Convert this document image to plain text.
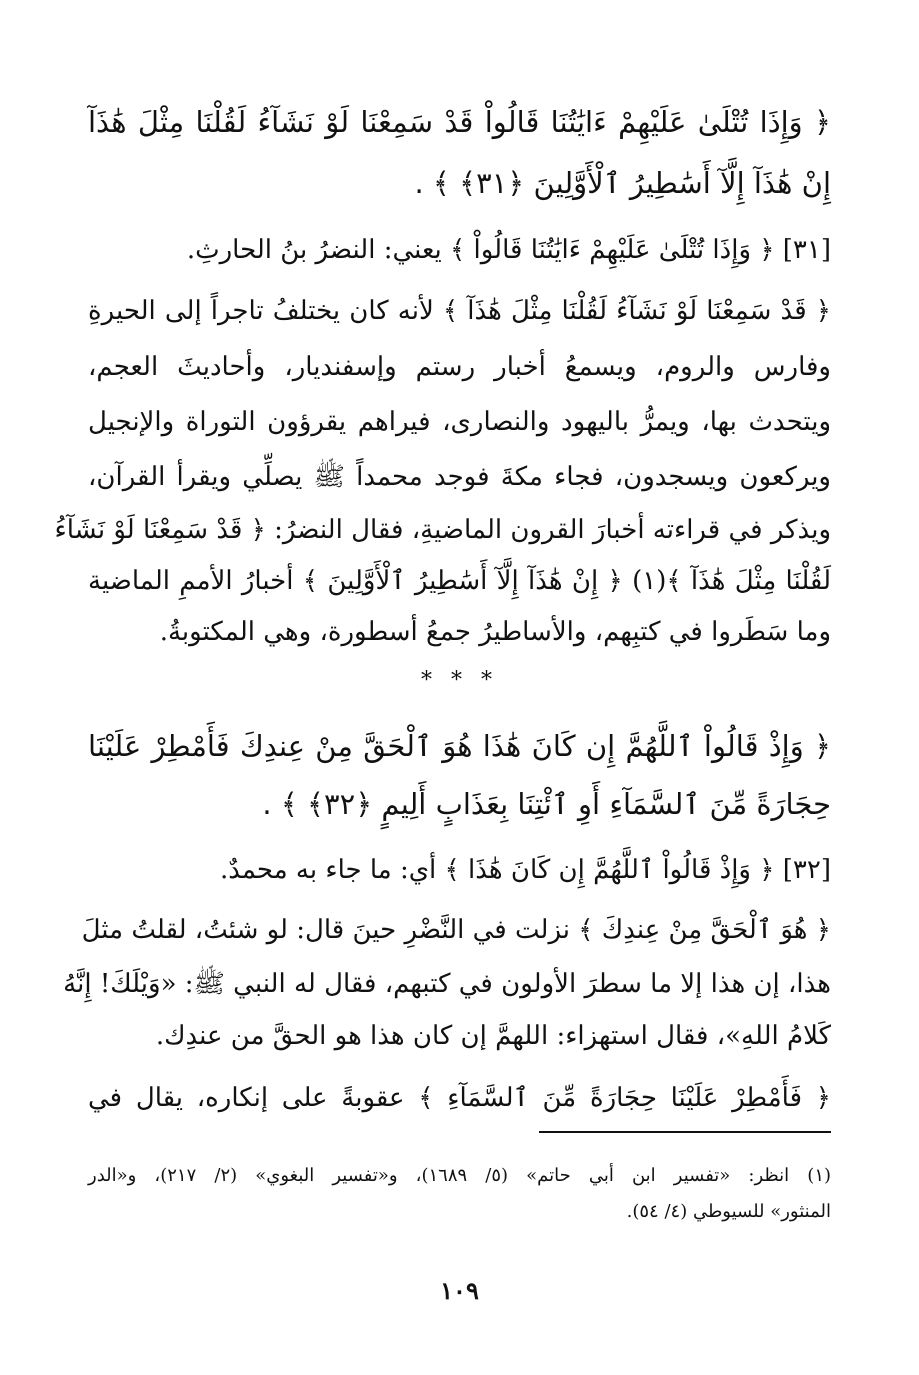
﴿ وَإِذَا تُتْلَىٰ عَلَيْهِمْ ءَايَٰتُنَا قَالُواْ قَدْ سَمِعْنَا لَوْ نَشَآءُ لَقُلْنَا مِثْلَ هَٰذَآ
إِنْ هَٰذَآ إِلَّآ أَسَٰطِيرُ ٱلْأَوَّلِينَ ﴿٣١﴾ ﴾ .
[٣١] ﴿ وَإِذَا تُتْلَىٰ عَلَيْهِمْ ءَايَٰتُنَا قَالُواْ ﴾ يعني: النضرُ بنُ الحارثِ.
﴿ قَدْ سَمِعْنَا لَوْ نَشَآءُ لَقُلْنَا مِثْلَ هَٰذَآ ﴾ لأنه كان يختلفُ تاجراً إلى الحيرةِ
وفارس والروم، ويسمعُ أخبار رستم وإسفنديار، وأحاديثَ العجم،
ويتحدث بها، ويمرُّ باليهود والنصارى، فيراهم يقرؤون التوراة والإنجيل
ويركعون ويسجدون، فجاء مكةَ فوجد محمداً ﷺ يصلِّي ويقرأ القرآن،
ويذكر في قراءته أخبارَ القرون الماضيةِ، فقال النضرُ: ﴿ قَدْ سَمِعْنَا لَوْ نَشَآءُ
لَقُلْنَا مِثْلَ هَٰذَآ ﴾(١) ﴿ إِنْ هَٰذَآ إِلَّآ أَسَٰطِيرُ ٱلْأَوَّلِينَ ﴾ أخبارُ الأممِ الماضية
وما سَطَروا في كتبِهم، والأساطيرُ جمعُ أسطورة، وهي المكتوبةُ.
* * *
﴿ وَإِذْ قَالُواْ ٱللَّهُمَّ إِن كَانَ هَٰذَا هُوَ ٱلْحَقَّ مِنْ عِندِكَ فَأَمْطِرْ عَلَيْنَا
حِجَارَةً مِّنَ ٱلسَّمَآءِ أَوِ ٱئْتِنَا بِعَذَابٍ أَلِيمٍ ﴿٣٢﴾ ﴾ .
[٣٢] ﴿ وَإِذْ قَالُواْ ٱللَّهُمَّ إِن كَانَ هَٰذَا ﴾ أي: ما جاء به محمدٌ.
﴿ هُوَ ٱلْحَقَّ مِنْ عِندِكَ ﴾ نزلت في النَّضْرِ حينَ قال: لو شئتُ، لقلتُ مثلَ
هذا، إن هذا إلا ما سطرَ الأولون في كتبهم، فقال له النبي ﷺ: «وَيْلَكَ! إِنَّهُ
كَلامُ اللهِ»، فقال استهزاء: اللهمَّ إن كان هذا هو الحقَّ من عندِك.
﴿ فَأَمْطِرْ عَلَيْنَا حِجَارَةً مِّنَ ٱلسَّمَآءِ ﴾ عقوبةً على إنكاره، يقال في
(١) انظر: «تفسير ابن أبي حاتم» (٥/ ١٦٨٩)، و«تفسير البغوي» (٢/ ٢١٧)، و«الدر
المنثور» للسيوطي (٤/ ٥٤).
١٠٩
